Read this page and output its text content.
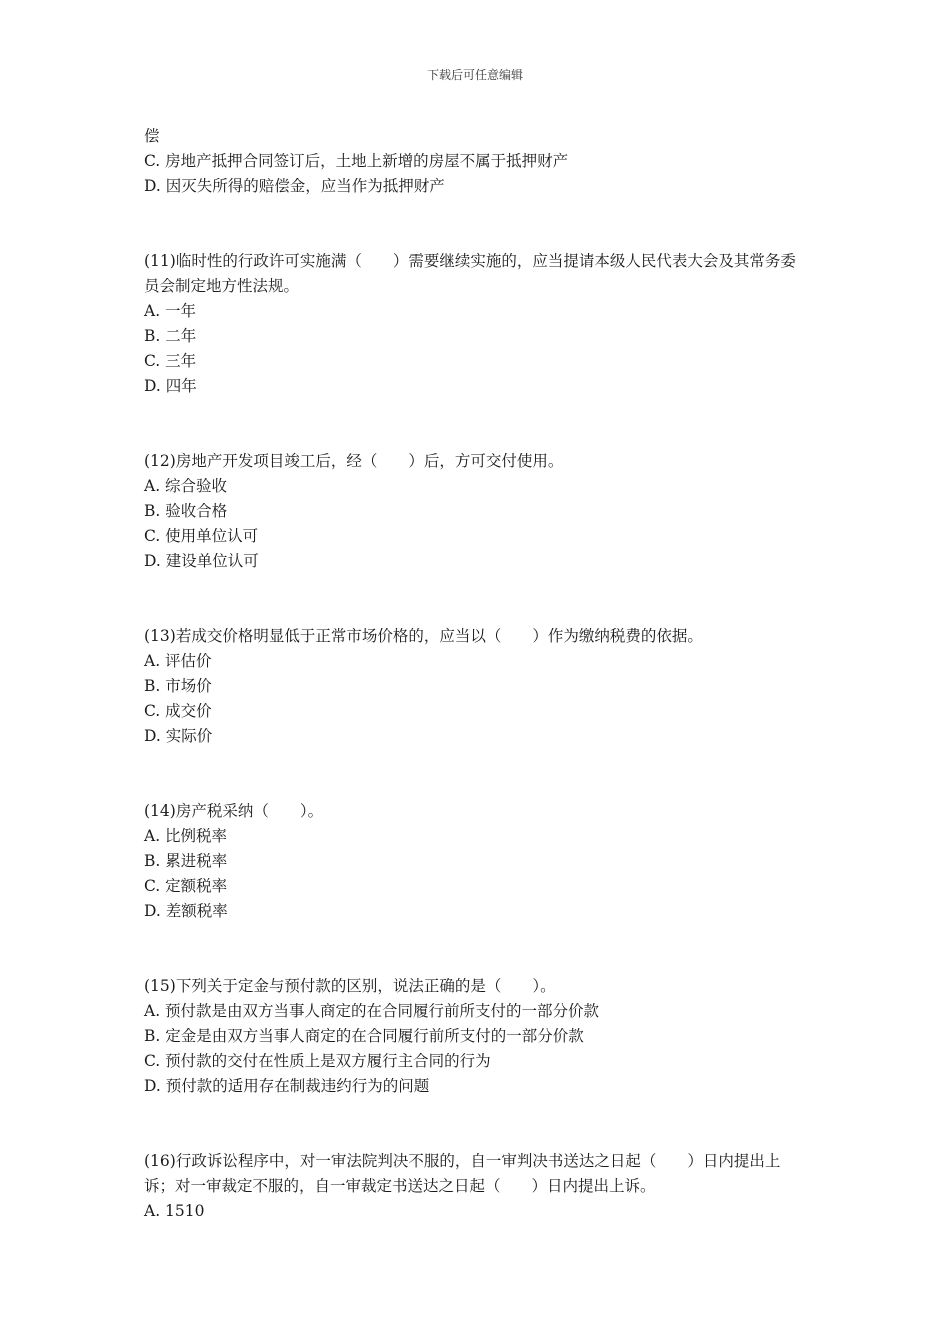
下载后可任意编辑
偿
C. 房地产抵押合同签订后，土地上新增的房屋不属于抵押财产
D. 因灭失所得的赔偿金，应当作为抵押财产
(11)临时性的行政许可实施满（　　）需要继续实施的，应当提请本级人民代表大会及其常务委员会制定地方性法规。
A. 一年
B. 二年
C. 三年
D. 四年
(12)房地产开发项目竣工后，经（　　）后，方可交付使用。
A. 综合验收
B. 验收合格
C. 使用单位认可
D. 建设单位认可
(13)若成交价格明显低于正常市场价格的，应当以（　　）作为缴纳税费的依据。
A. 评估价
B. 市场价
C. 成交价
D. 实际价
(14)房产税采纳（　　）。
A. 比例税率
B. 累进税率
C. 定额税率
D. 差额税率
(15)下列关于定金与预付款的区别，说法正确的是（　　）。
A. 预付款是由双方当事人商定的在合同履行前所支付的一部分价款
B. 定金是由双方当事人商定的在合同履行前所支付的一部分价款
C. 预付款的交付在性质上是双方履行主合同的行为
D. 预付款的适用存在制裁违约行为的问题
(16)行政诉讼程序中，对一审法院判决不服的，自一审判决书送达之日起（　　）日内提出上诉；对一审裁定不服的，自一审裁定书送达之日起（　　）日内提出上诉。
A. 1510
